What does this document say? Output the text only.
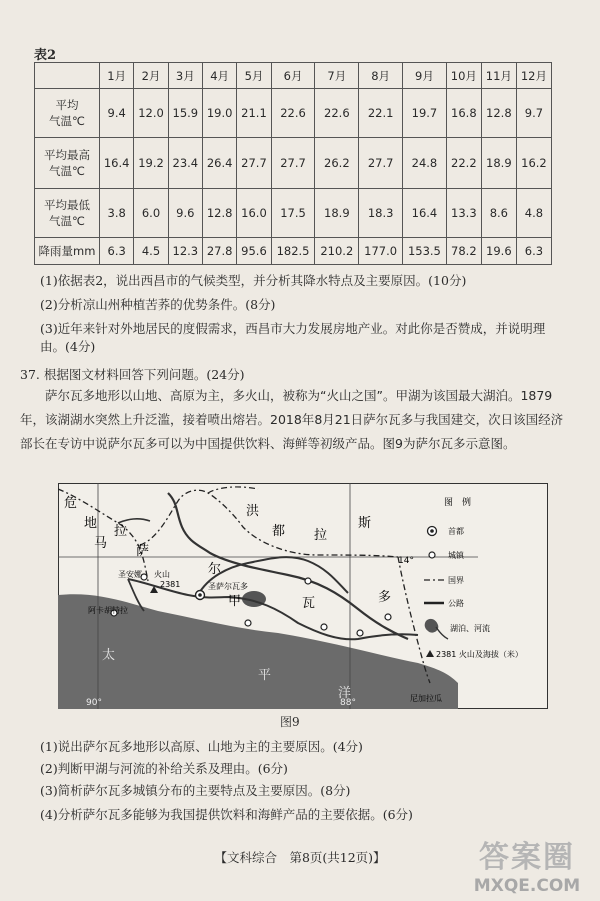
表2
	1月	2月	3月	4月	5月	6月	7月	8月	9月	10月	11月	12月
平均
气温℃	9.4	12.0	15.9	19.0	21.1	22.6	22.6	22.1	19.7	16.8	12.8	9.7
平均最高
气温℃	16.4	19.2	23.4	26.4	27.7	27.7	26.2	27.7	24.8	22.2	18.9	16.2
平均最低
气温℃	3.8	6.0	9.6	12.8	16.0	17.5	18.9	18.3	16.4	13.3	8.6	4.8
降雨量mm	6.3	4.5	12.3	27.8	95.6	182.5	210.2	177.0	153.5	78.2	19.6	6.3
(1)依据表2，说出西昌市的气候类型，并分析其降水特点及主要原因。(10分)
(2)分析凉山州种植苦荞的优势条件。(8分)
(3)近年来针对外地居民的度假需求，西昌市大力发展房地产业。对此你是否赞成，并说明理由。(4分)
37. 根据图文材料回答下列问题。(24分)
萨尔瓦多地形以山地、高原为主，多火山，被称为“火山之国”。甲湖为该国最大湖泊。1879年，该湖湖水突然上升泛滥，接着喷出熔岩。2018年8月21日萨尔瓦多与我国建交，次日该国经济部长在专访中说萨尔瓦多可以为中国提供饮料、海鲜等初级产品。图9为萨尔瓦多示意图。
危
地
马
拉
萨
尔
洪
都 拉
斯
瓦	多
甲
圣萨尔瓦多
圣安娜 火山
2381
阿卡胡特拉
太
平
洋
14°
90°	88°	尼加拉瓜
图　例
首都
城镇
国界
公路
湖泊、河流
2381 火山及海拔（米）
图9
(1)说出萨尔瓦多地形以高原、山地为主的主要原因。(4分)
(2)判断甲湖与河流的补给关系及理由。(6分)
(3)简析萨尔瓦多城镇分布的主要特点及主要原因。(8分)
(4)分析萨尔瓦多能够为我国提供饮料和海鲜产品的主要依据。(6分)
【文科综合　第8页(共12页)】	答案圈
MXQE.COM
